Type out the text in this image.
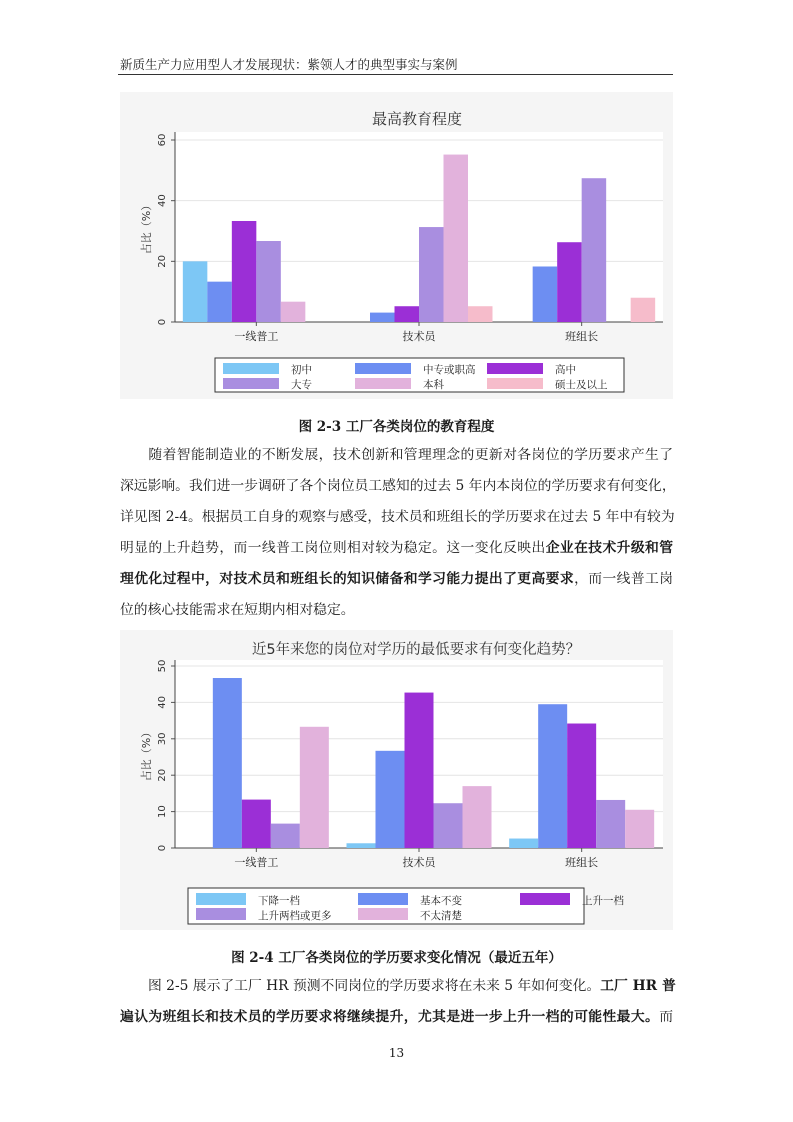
新质生产力应用型人才发展现状：紫领人才的典型事实与案例
最高教育程度
0
20
40
60
占比（%）
一线普工	技术员	班组长
初中	中专或职高	高中
大专	本科	硕士及以上
图 2-3 工厂各类岗位的教育程度
随着智能制造业的不断发展，技术创新和管理理念的更新对各岗位的学历要求产生了
深远影响。我们进一步调研了各个岗位员工感知的过去 5 年内本岗位的学历要求有何变化，
详见图 2-4。根据员工自身的观察与感受，技术员和班组长的学历要求在过去 5 年中有较为
明显的上升趋势，而一线普工岗位则相对较为稳定。这一变化反映出企业在技术升级和管
理优化过程中，对技术员和班组长的知识储备和学习能力提出了更高要求，而一线普工岗
位的核心技能需求在短期内相对稳定。
近5年来您的岗位对学历的最低要求有何变化趋势？
0
10
20
30
40
50
占比（%）
一线普工	技术员	班组长
下降一档	基本不变	上升一档
上升两档或更多	不太清楚
图 2-4 工厂各类岗位的学历要求变化情况（最近五年）
图 2-5 展示了工厂 HR 预测不同岗位的学历要求将在未来 5 年如何变化。工厂 HR 普
遍认为班组长和技术员的学历要求将继续提升，尤其是进一步上升一档的可能性最大。而
13
